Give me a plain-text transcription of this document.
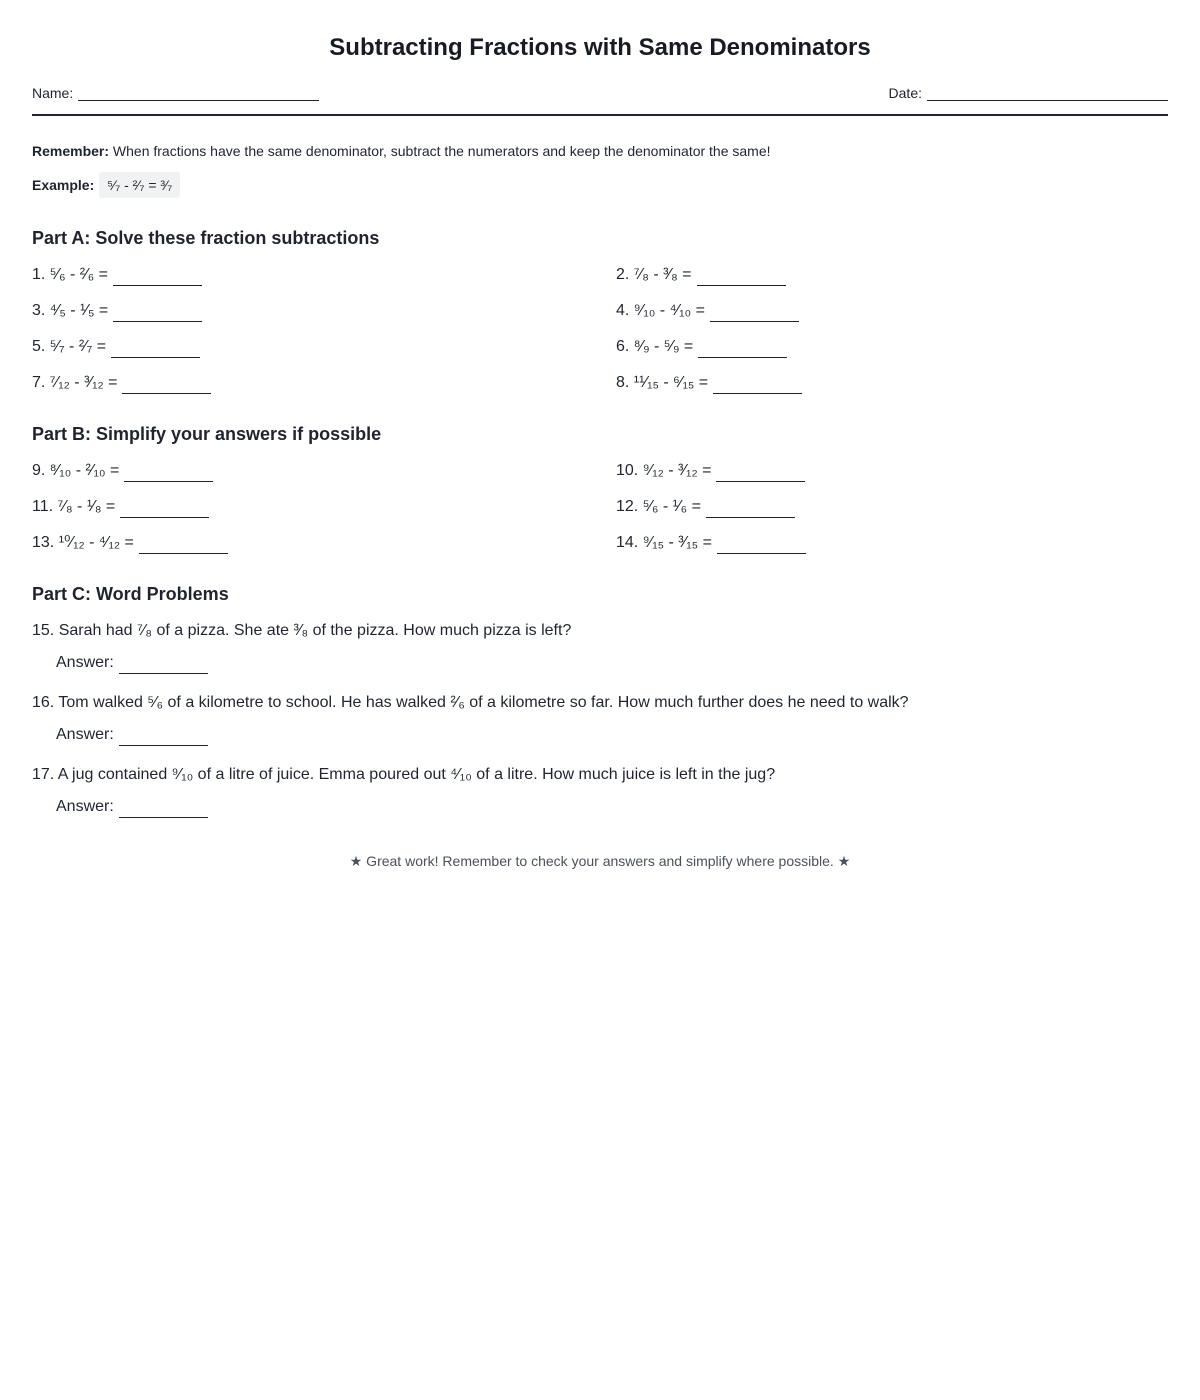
Subtracting Fractions with Same Denominators
Name:	Date:
Remember: When fractions have the same denominator, subtract the numerators and keep the denominator the same!
Example: ⁵⁄₇ - ²⁄₇ = ³⁄₇
Part A: Solve these fraction subtractions
1. ⁵⁄₆ - ²⁄₆ =	2. ⁷⁄₈ - ³⁄₈ =
3. ⁴⁄₅ - ¹⁄₅ =	4. ⁹⁄₁₀ - ⁴⁄₁₀ =
5. ⁵⁄₇ - ²⁄₇ =	6. ⁸⁄₉ - ⁵⁄₉ =
7. ⁷⁄₁₂ - ³⁄₁₂ =	8. ¹¹⁄₁₅ - ⁶⁄₁₅ =
Part B: Simplify your answers if possible
9. ⁸⁄₁₀ - ²⁄₁₀ =	10. ⁹⁄₁₂ - ³⁄₁₂ =
11. ⁷⁄₈ - ¹⁄₈ =	12. ⁵⁄₆ - ¹⁄₆ =
13. ¹⁰⁄₁₂ - ⁴⁄₁₂ =	14. ⁹⁄₁₅ - ³⁄₁₅ =
Part C: Word Problems
15. Sarah had ⁷⁄₈ of a pizza. She ate ³⁄₈ of the pizza. How much pizza is left?
Answer:
16. Tom walked ⁵⁄₆ of a kilometre to school. He has walked ²⁄₆ of a kilometre so far. How much further does he need to walk?
Answer:
17. A jug contained ⁹⁄₁₀ of a litre of juice. Emma poured out ⁴⁄₁₀ of a litre. How much juice is left in the jug?
Answer:
★ Great work! Remember to check your answers and simplify where possible. ★
